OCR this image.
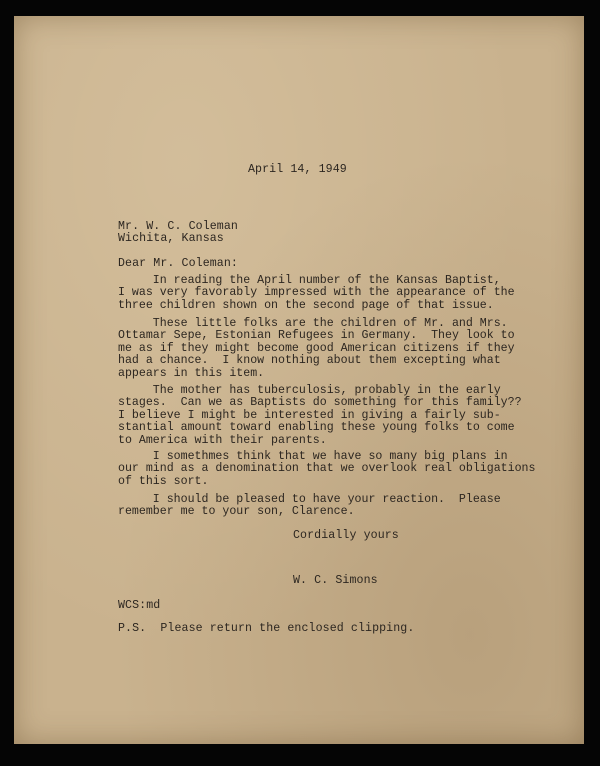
April 14, 1949
Mr. W. C. Coleman
Wichita, Kansas
Dear Mr. Coleman:
In reading the April number of the Kansas Baptist,
I was very favorably impressed with the appearance of the
three children shown on the second page of that issue.
These little folks are the children of Mr. and Mrs.
Ottamar Sepe, Estonian Refugees in Germany.  They look to
me as if they might become good American citizens if they
had a chance.  I know nothing about them excepting what
appears in this item.
The mother has tuberculosis, probably in the early
stages.  Can we as Baptists do something for this family??
I believe I might be interested in giving a fairly sub-
stantial amount toward enabling these young folks to come
to America with their parents.
I somethmes think that we have so many big plans in
our mind as a denomination that we overlook real obligations
of this sort.
I should be pleased to have your reaction.  Please
remember me to your son, Clarence.
Cordially yours
W. C. Simons
WCS:md
P.S.  Please return the enclosed clipping.
